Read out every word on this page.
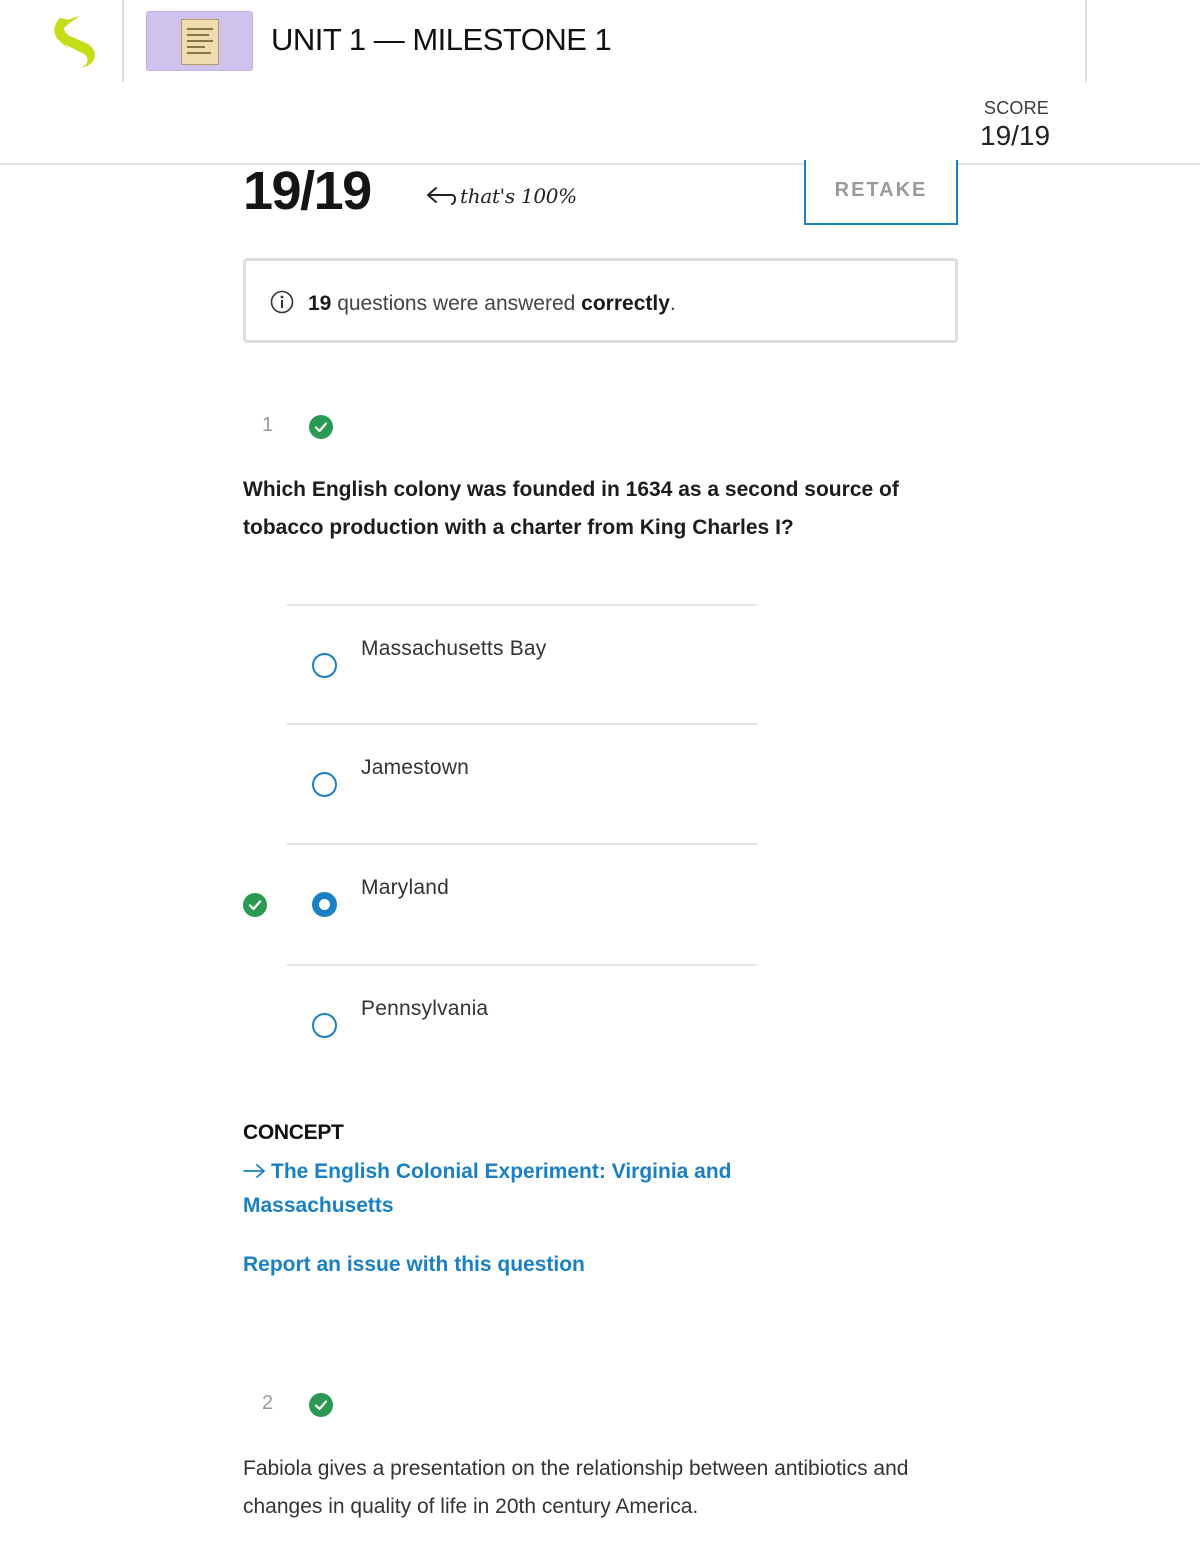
UNIT 1 — MILESTONE 1
SCORE
19/19
19/19	that's 100%	RETAKE
19 questions were answered correctly.
1
Which English colony was founded in 1634 as a second source of tobacco production with a charter from King Charles I?
Massachusetts Bay
Jamestown
Maryland
Pennsylvania
CONCEPT
The English Colonial Experiment: Virginia and Massachusetts
Report an issue with this question
2
Fabiola gives a presentation on the relationship between antibiotics and changes in quality of life in 20th century America.
